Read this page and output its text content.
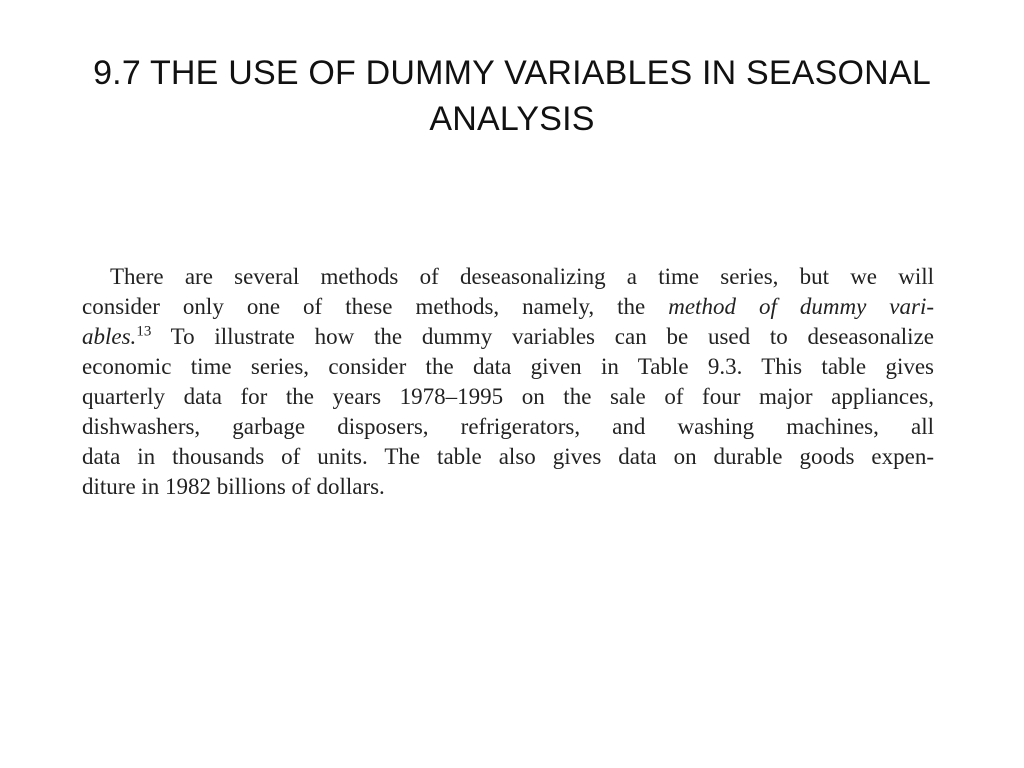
9.7 THE USE OF DUMMY VARIABLES IN SEASONAL
ANALYSIS
There are several methods of deseasonalizing a time series, but we will
consider only one of these methods, namely, the method of dummy vari-
ables.$^{13}$ To illustrate how the dummy variables can be used to deseasonalize
economic time series, consider the data given in Table 9.3. This table gives
quarterly data for the years 1978–1995 on the sale of four major appliances,
dishwashers, garbage disposers, refrigerators, and washing machines, all
data in thousands of units. The table also gives data on durable goods expen-
diture in 1982 billions of dollars.
